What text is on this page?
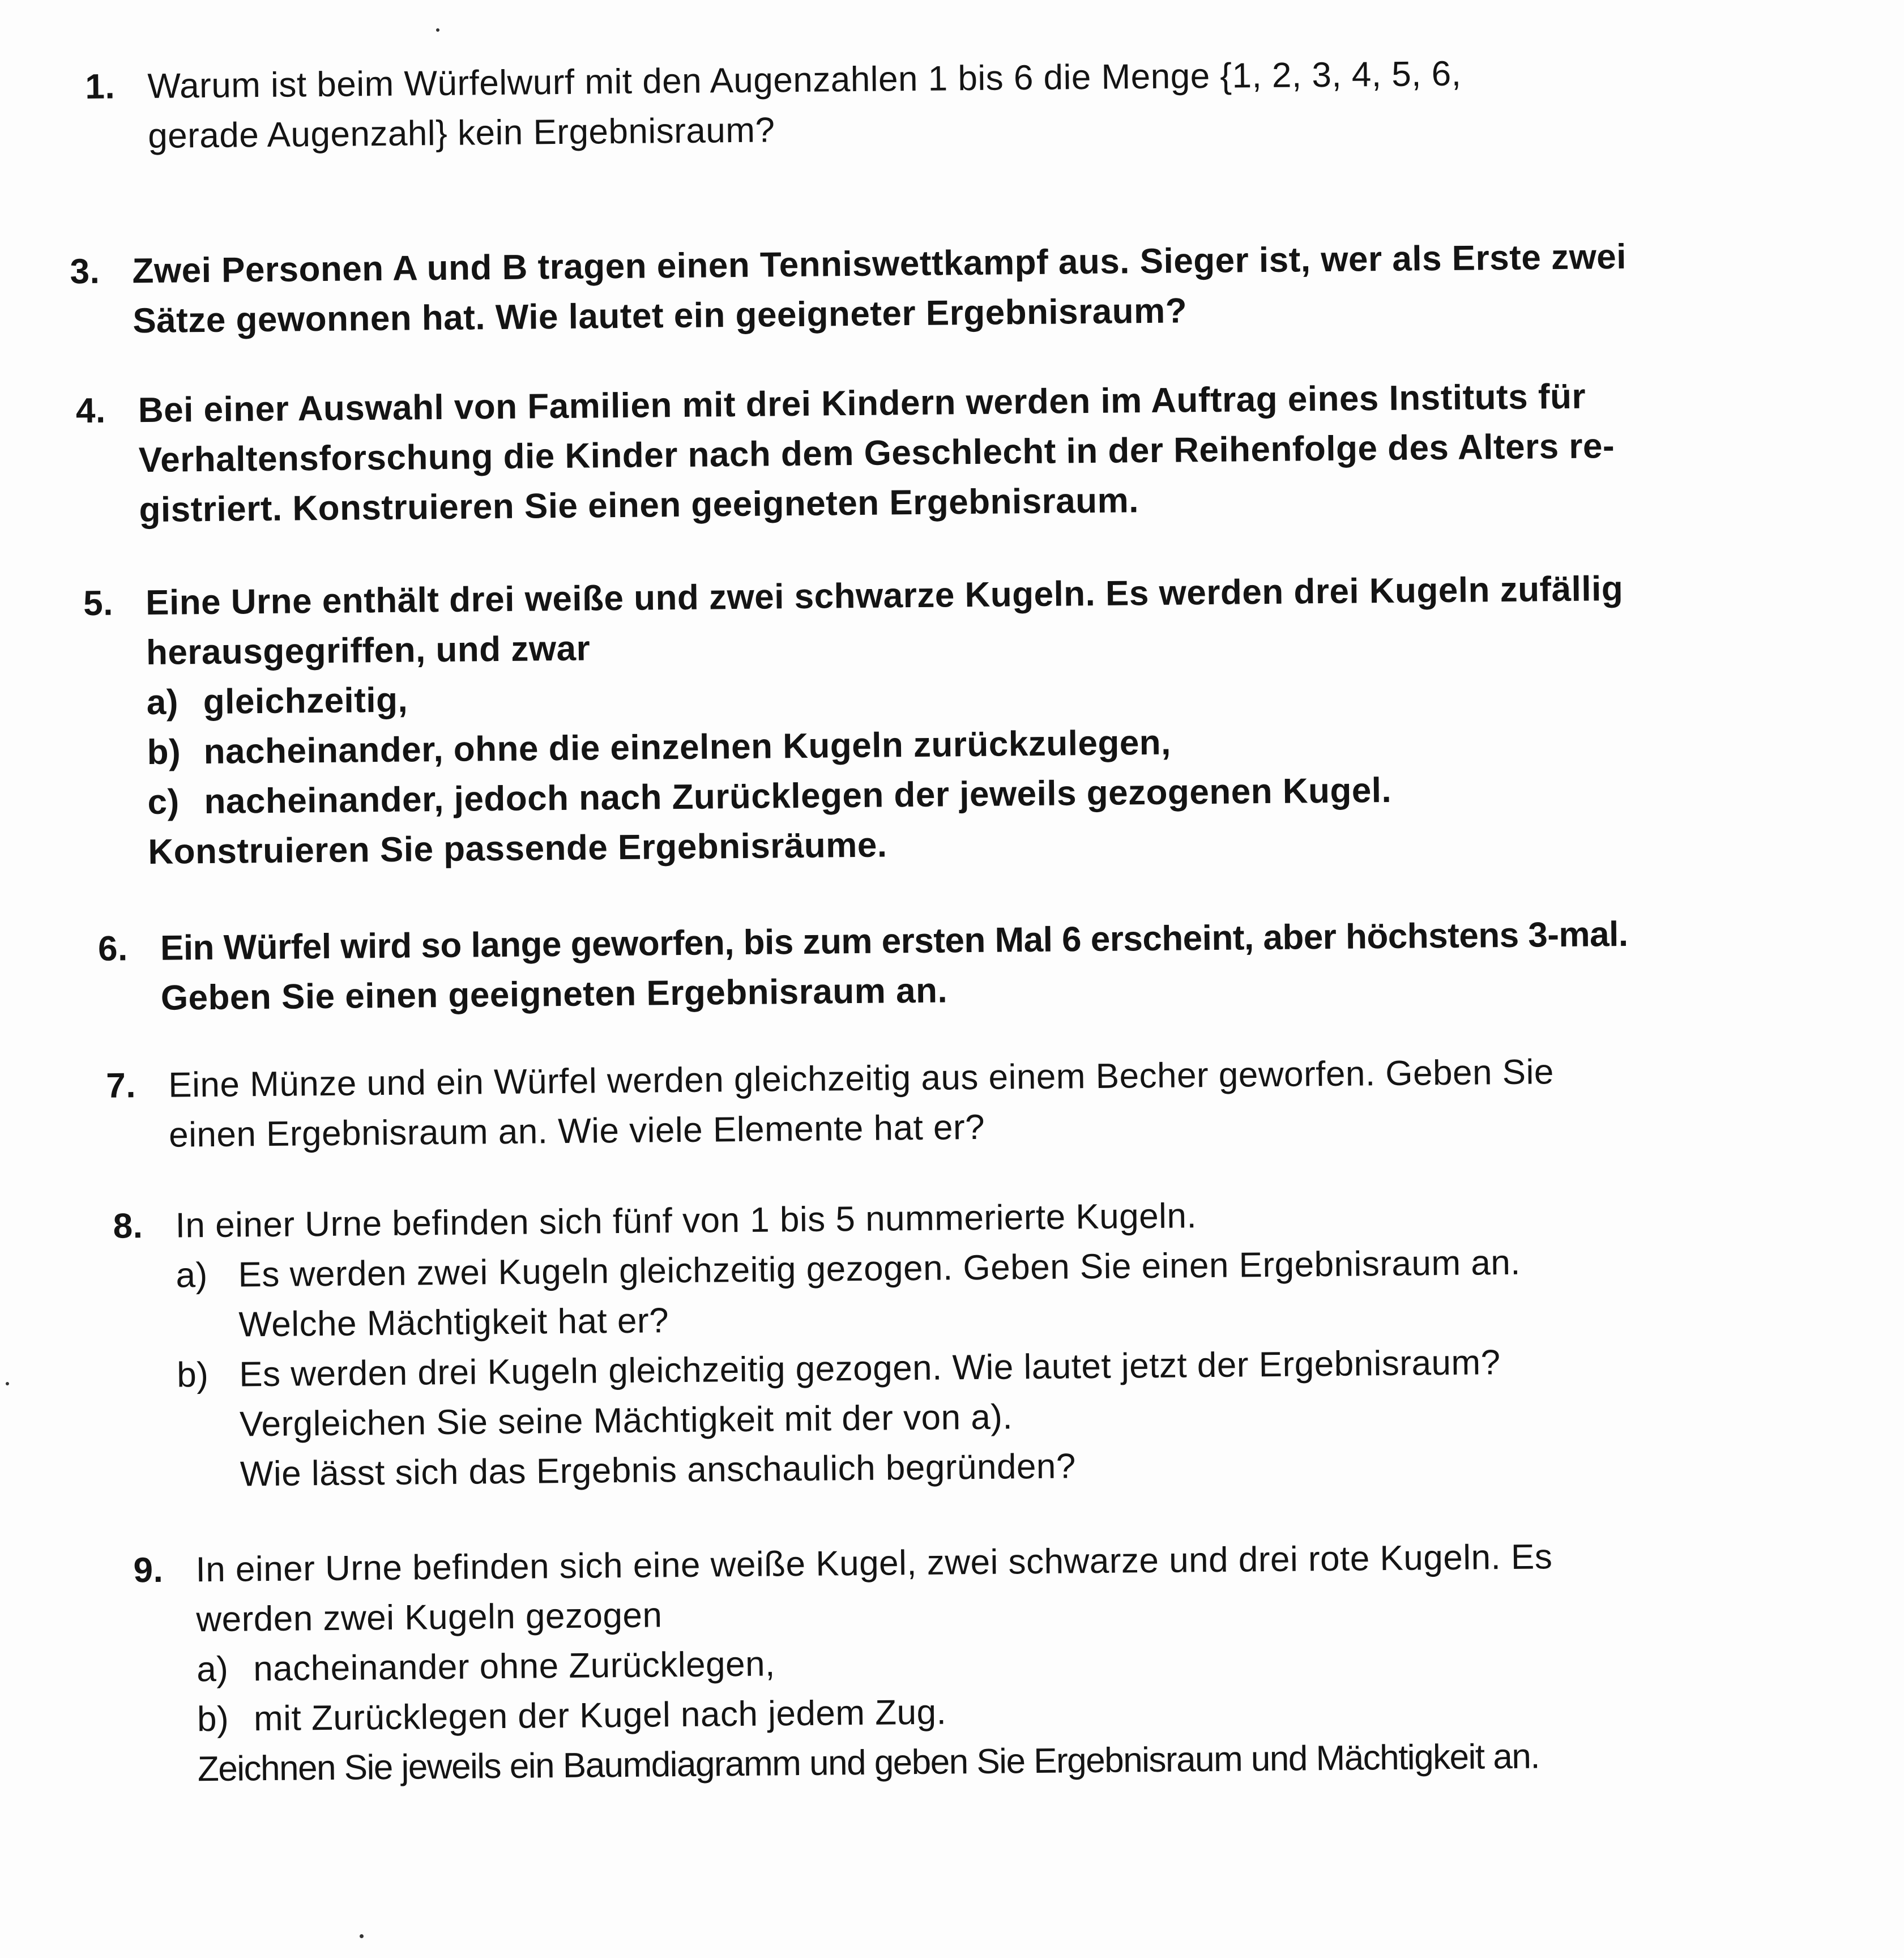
1. Warum ist beim Würfelwurf mit den Augenzahlen 1 bis 6 die Menge {1, 2, 3, 4, 5, 6,
gerade Augenzahl} kein Ergebnisraum?
3. Zwei Personen A und B tragen einen Tenniswettkampf aus. Sieger ist, wer als Erste zwei
Sätze gewonnen hat. Wie lautet ein geeigneter Ergebnisraum?
4. Bei einer Auswahl von Familien mit drei Kindern werden im Auftrag eines Instituts für
Verhaltensforschung die Kinder nach dem Geschlecht in der Reihenfolge des Alters re-
gistriert. Konstruieren Sie einen geeigneten Ergebnisraum.
5. Eine Urne enthält drei weiße und zwei schwarze Kugeln. Es werden drei Kugeln zufällig
herausgegriffen, und zwar
a) gleichzeitig,
b) nacheinander, ohne die einzelnen Kugeln zurückzulegen,
c) nacheinander, jedoch nach Zurücklegen der jeweils gezogenen Kugel.
Konstruieren Sie passende Ergebnisräume.
6. Ein Würfel wird so lange geworfen, bis zum ersten Mal 6 erscheint, aber höchstens 3-mal.
Geben Sie einen geeigneten Ergebnisraum an.
7. Eine Münze und ein Würfel werden gleichzeitig aus einem Becher geworfen. Geben Sie
einen Ergebnisraum an. Wie viele Elemente hat er?
8. In einer Urne befinden sich fünf von 1 bis 5 nummerierte Kugeln.
a) Es werden zwei Kugeln gleichzeitig gezogen. Geben Sie einen Ergebnisraum an.
Welche Mächtigkeit hat er?
b) Es werden drei Kugeln gleichzeitig gezogen. Wie lautet jetzt der Ergebnisraum?
Vergleichen Sie seine Mächtigkeit mit der von a).
Wie lässt sich das Ergebnis anschaulich begründen?
9. In einer Urne befinden sich eine weiße Kugel, zwei schwarze und drei rote Kugeln. Es
werden zwei Kugeln gezogen
a) nacheinander ohne Zurücklegen,
b) mit Zurücklegen der Kugel nach jedem Zug.
Zeichnen Sie jeweils ein Baumdiagramm und geben Sie Ergebnisraum und Mächtigkeit an.
